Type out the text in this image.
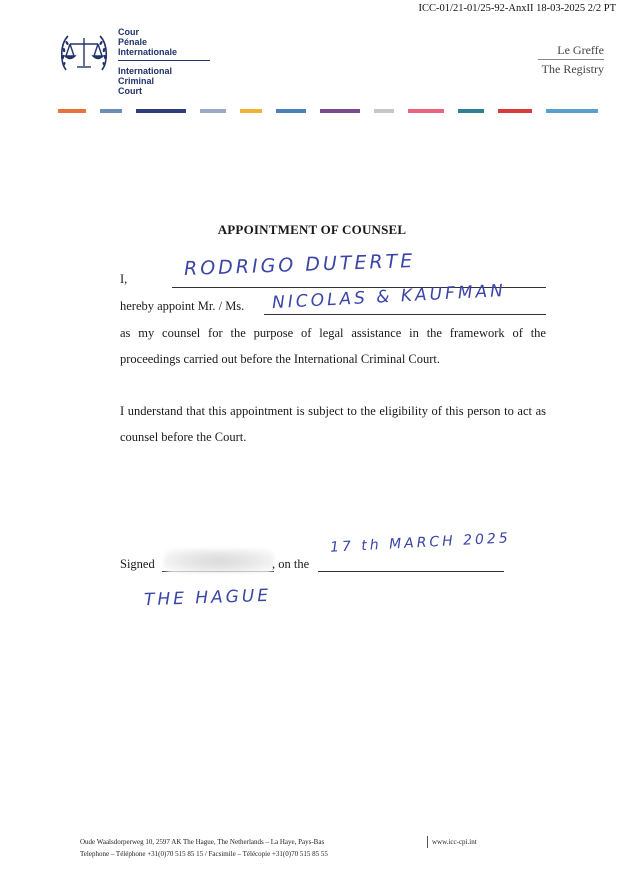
ICC-01/21-01/25-92-AnxII 18-03-2025 2/2 PT
Cour
Pénale
Internationale
International
Criminal
Court
Le Greffe
The Registry
APPOINTMENT OF COUNSEL
I,	RODRIGO DUTERTE
hereby appoint Mr. / Ms. NICOLAS & KAUFMAN
as my counsel for the purpose of legal assistance in the framework of the proceedings carried out before the International Criminal Court.
I understand that this appointment is subject to the eligibility of this person to act as counsel before the Court.
Signed	, on the
17 th MARCH 2025
THE HAGUE
Oude Waalsdorperweg 10, 2597 AK The Hague, The Netherlands – La Haye, Pays-Bas
Telephone – Téléphone +31(0)70 515 85 15 / Facsimile – Télécopie +31(0)70 515 85 55
www.icc-cpi.int
